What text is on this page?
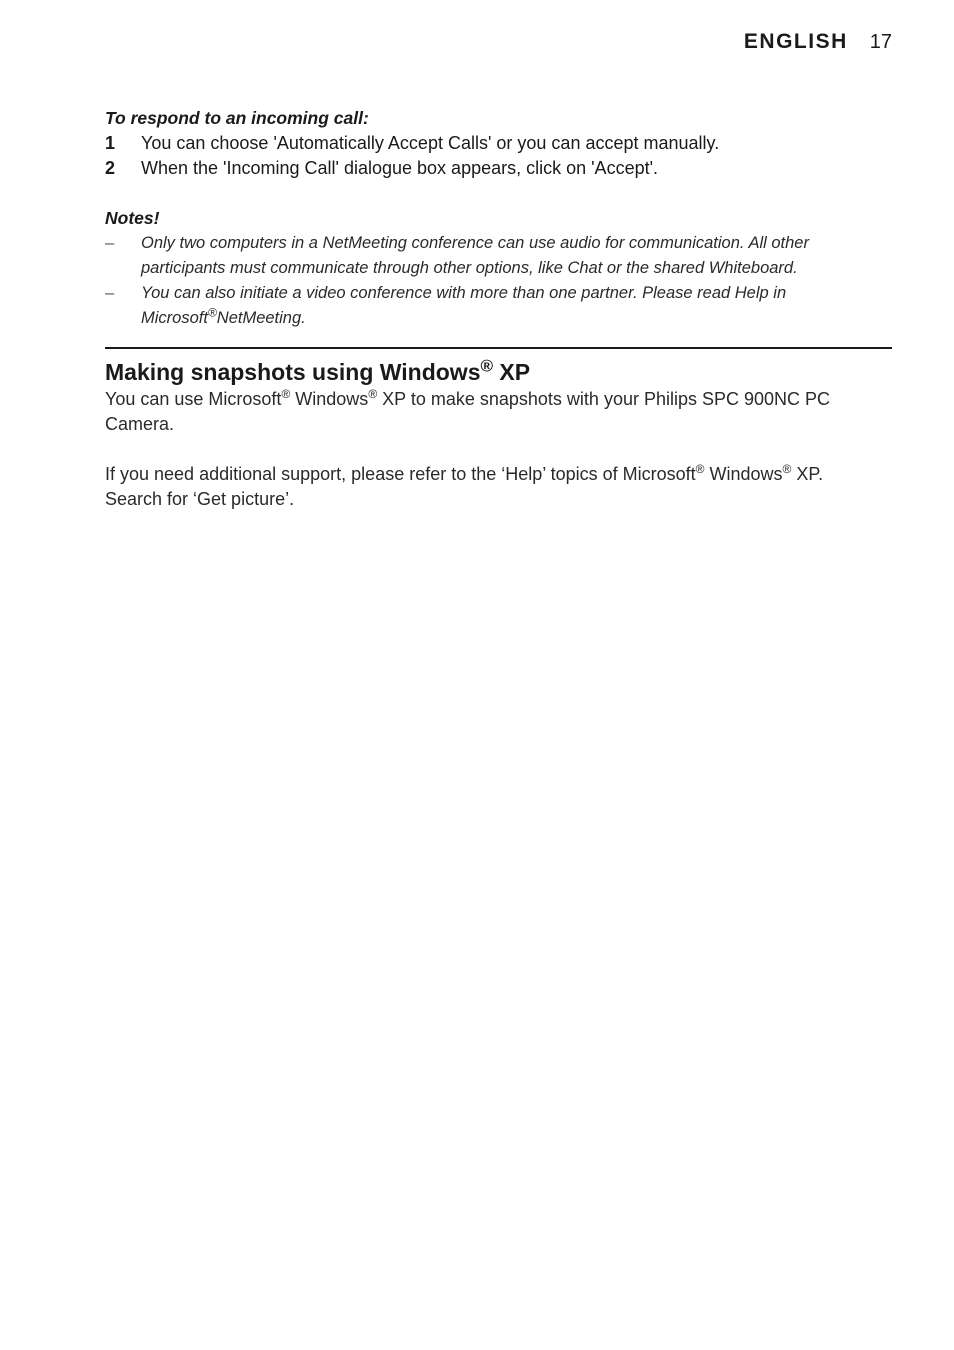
ENGLISH 17
To respond to an incoming call:
1	You can choose 'Automatically Accept Calls' or you can accept manually.
2	When the 'Incoming Call' dialogue box appears, click on 'Accept'.
Notes!
–	Only two computers in a NetMeeting conference can use audio for communication. All other participants must communicate through other options, like Chat or the shared Whiteboard.
–	You can also initiate a video conference with more than one partner. Please read Help in Microsoft®NetMeeting.
Making snapshots using Windows® XP
You can use Microsoft® Windows® XP to make snapshots with your Philips SPC 900NC PC Camera.
If you need additional support, please refer to the ‘Help’ topics of Microsoft® Windows® XP. Search for ‘Get picture’.
